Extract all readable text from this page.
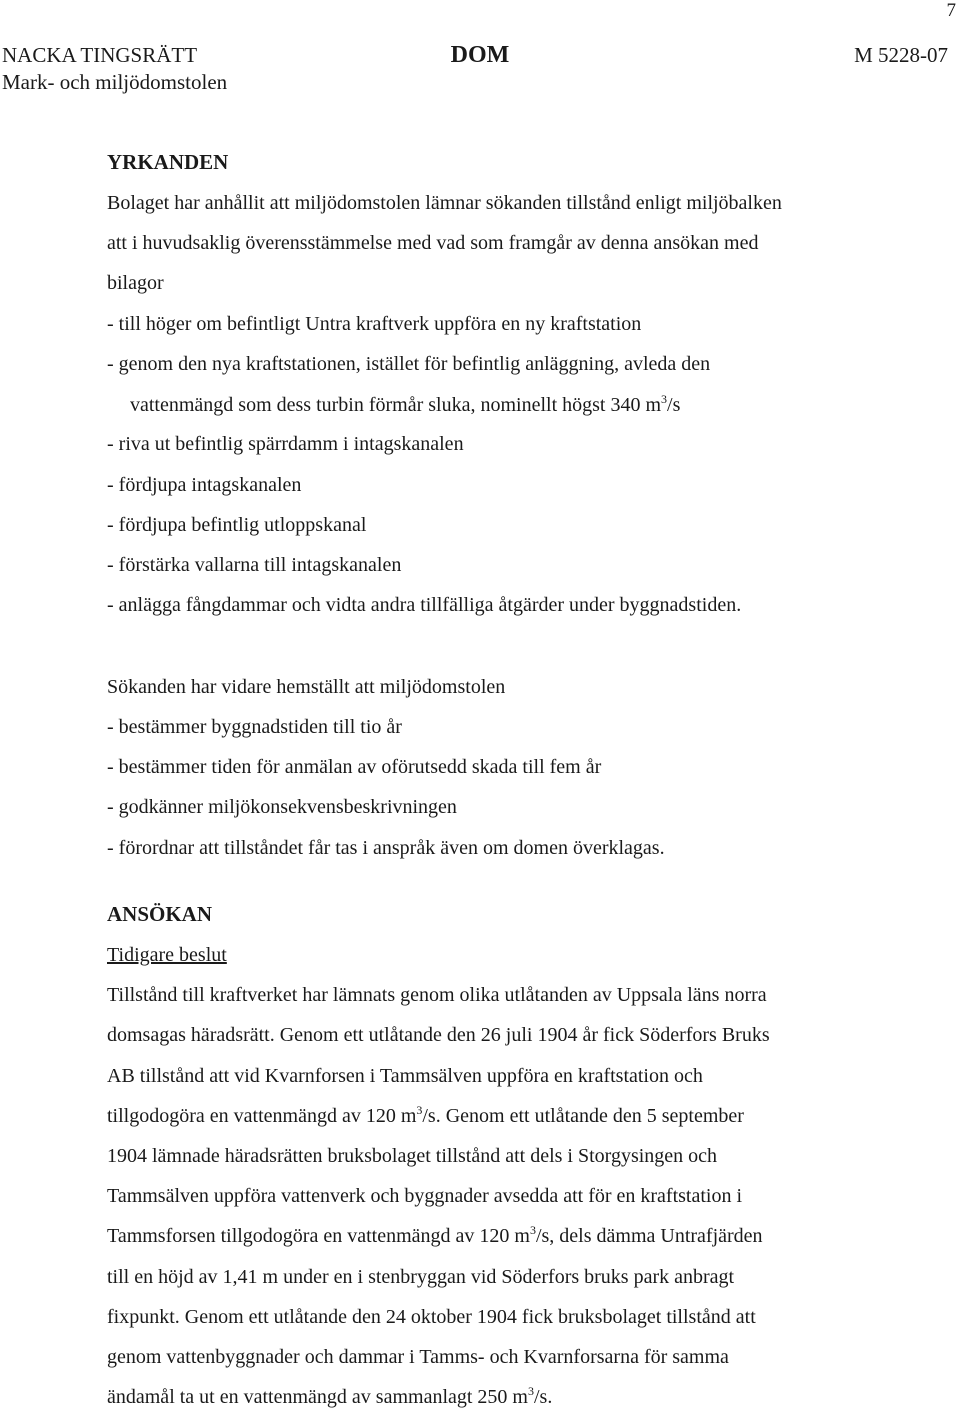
7
NACKA TINGSRÄTT
Mark- och miljödomstolen
DOM	M 5228-07
YRKANDEN
Bolaget har anhållit att miljödomstolen lämnar sökanden tillstånd enligt miljöbalken
att i huvudsaklig överensstämmelse med vad som framgår av denna ansökan med
bilagor
- till höger om befintligt Untra kraftverk uppföra en ny kraftstation
- genom den nya kraftstationen, istället för befintlig anläggning, avleda den
vattenmängd som dess turbin förmår sluka, nominellt högst 340 $m^3/s$
- riva ut befintlig spärrdamm i intagskanalen
- fördjupa intagskanalen
- fördjupa befintlig utloppskanal
- förstärka vallarna till intagskanalen
- anlägga fångdammar och vidta andra tillfälliga åtgärder under byggnadstiden.
Sökanden har vidare hemställt att miljödomstolen
- bestämmer byggnadstiden till tio år
- bestämmer tiden för anmälan av oförutsedd skada till fem år
- godkänner miljökonsekvensbeskrivningen
- förordnar att tillståndet får tas i anspråk även om domen överklagas.
ANSÖKAN
Tidigare beslut
Tillstånd till kraftverket har lämnats genom olika utlåtanden av Uppsala läns norra
domsagas häradsrätt. Genom ett utlåtande den 26 juli 1904 år fick Söderfors Bruks
AB tillstånd att vid Kvarnforsen i Tammsälven uppföra en kraftstation och
tillgodogöra en vattenmängd av 120 $m^3/s$. Genom ett utlåtande den 5 september
1904 lämnade häradsrätten bruksbolaget tillstånd att dels i Storgysingen och
Tammsälven uppföra vattenverk och byggnader avsedda att för en kraftstation i
Tammsforsen tillgodogöra en vattenmängd av 120 $m^3/s$, dels dämma Untrafjärden
till en höjd av 1,41 m under en i stenbryggan vid Söderfors bruks park anbragt
fixpunkt. Genom ett utlåtande den 24 oktober 1904 fick bruksbolaget tillstånd att
genom vattenbyggnader och dammar i Tamms- och Kvarnforsarna för samma
ändamål ta ut en vattenmängd av sammanlagt 250 $m^3/s$.
